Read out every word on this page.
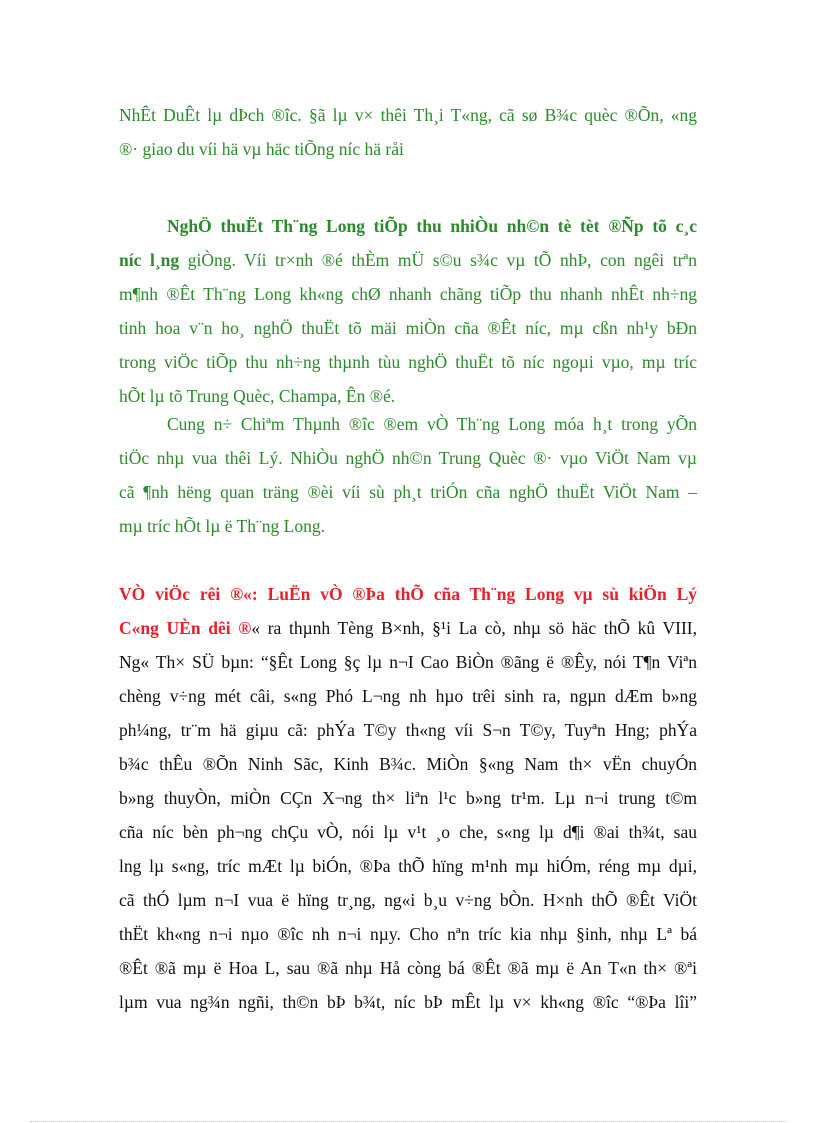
NhÊt DuÊt lµ dÞch ®îc. §ã lµ v× thêi Th¸i T«ng, cã sø B¾c quèc ®Õn, «ng
®· giao du víi hä vµ häc tiÕng níc hä råi
NghÖ thuËt Th¨ng Long tiÕp thu nhiÒu nh©n tè tèt ®Ñp tõ c¸c
níc l¸ng giÒng. Víi tr×nh ®é thÈm mÜ s©u s¾c vµ tÕ nhÞ, con ngêi trªn
m¶nh ®Êt Th¨ng Long kh«ng chØ nhanh chãng tiÕp thu nhanh nhÊt nh÷ng
tinh hoa v¨n ho¸ nghÖ thuËt tõ mäi miÒn cña ®Êt níc, mµ cßn nh¹y bÐn
trong viÖc tiÕp thu nh÷ng thµnh tùu nghÖ thuËt tõ níc ngoµi vµo, mµ tríc
hÕt lµ tõ Trung Quèc, Champa, Ên ®é.
Cung n÷ Chiªm Thµnh ®îc ®em vÒ Th¨ng Long móa h¸t trong yÕn
tiÖc nhµ vua thêi Lý. NhiÒu nghÖ nh©n Trung Quèc ®· vµo ViÖt Nam vµ
cã ¶nh hëng quan träng ®èi víi sù ph¸t triÓn cña nghÖ thuËt ViÖt Nam –
mµ tríc hÕt lµ ë Th¨ng Long.
VÒ viÖc rêi ®«: LuËn vÒ ®Þa thÕ cña Th¨ng Long vµ sù kiÖn Lý
C«ng UÈn dêi ®« ra thµnh Tèng B×nh, §¹i La cò, nhµ sö häc thÕ kû VIII,
Ng« Th× SÜ bµn: “§Êt Long §ç lµ n¬I Cao BiÒn ®ãng ë ®Êy, nói T¶n Viªn
chèng v÷ng mét câi, s«ng Phó L¬ng nh hµo trêi sinh ra, ngµn dÆm b»ng
ph¼ng, tr¨m hä giµu cã: phÝa T©y th«ng víi S¬n T©y, Tuyªn Hng; phÝa
b¾c thÊu ®Õn Ninh Sãc, Kinh B¾c. MiÒn §«ng Nam th× vËn chuyÓn
b»ng thuyÒn, miÒn CÇn X¬ng th× liªn l¹c b»ng tr¹m. Lµ n¬i trung t©m
cña níc bèn ph¬ng chÇu vÒ, nói lµ v¹t ¸o che, s«ng lµ d¶i ®ai th¾t, sau
lng lµ s«ng, tríc mÆt lµ biÓn, ®Þa thÕ hïng m¹nh mµ hiÓm, réng mµ dµi,
cã thÓ lµm n¬I vua ë hïng tr¸ng, ng«i b¸u v÷ng bÒn. H×nh thÕ ®Êt ViÖt
thËt kh«ng n¬i nµo ®îc nh n¬i nµy. Cho nªn tríc kia nhµ §inh, nhµ Lª bá
®Êt ®ã mµ ë Hoa L, sau ®ã nhµ Hå còng bá ®Êt ®ã mµ ë An T«n th× ®ªi
lµm vua ng¾n ngñi, th©n bÞ b¾t, níc bÞ mÊt lµ v× kh«ng ®îc “®Þa lîi”
